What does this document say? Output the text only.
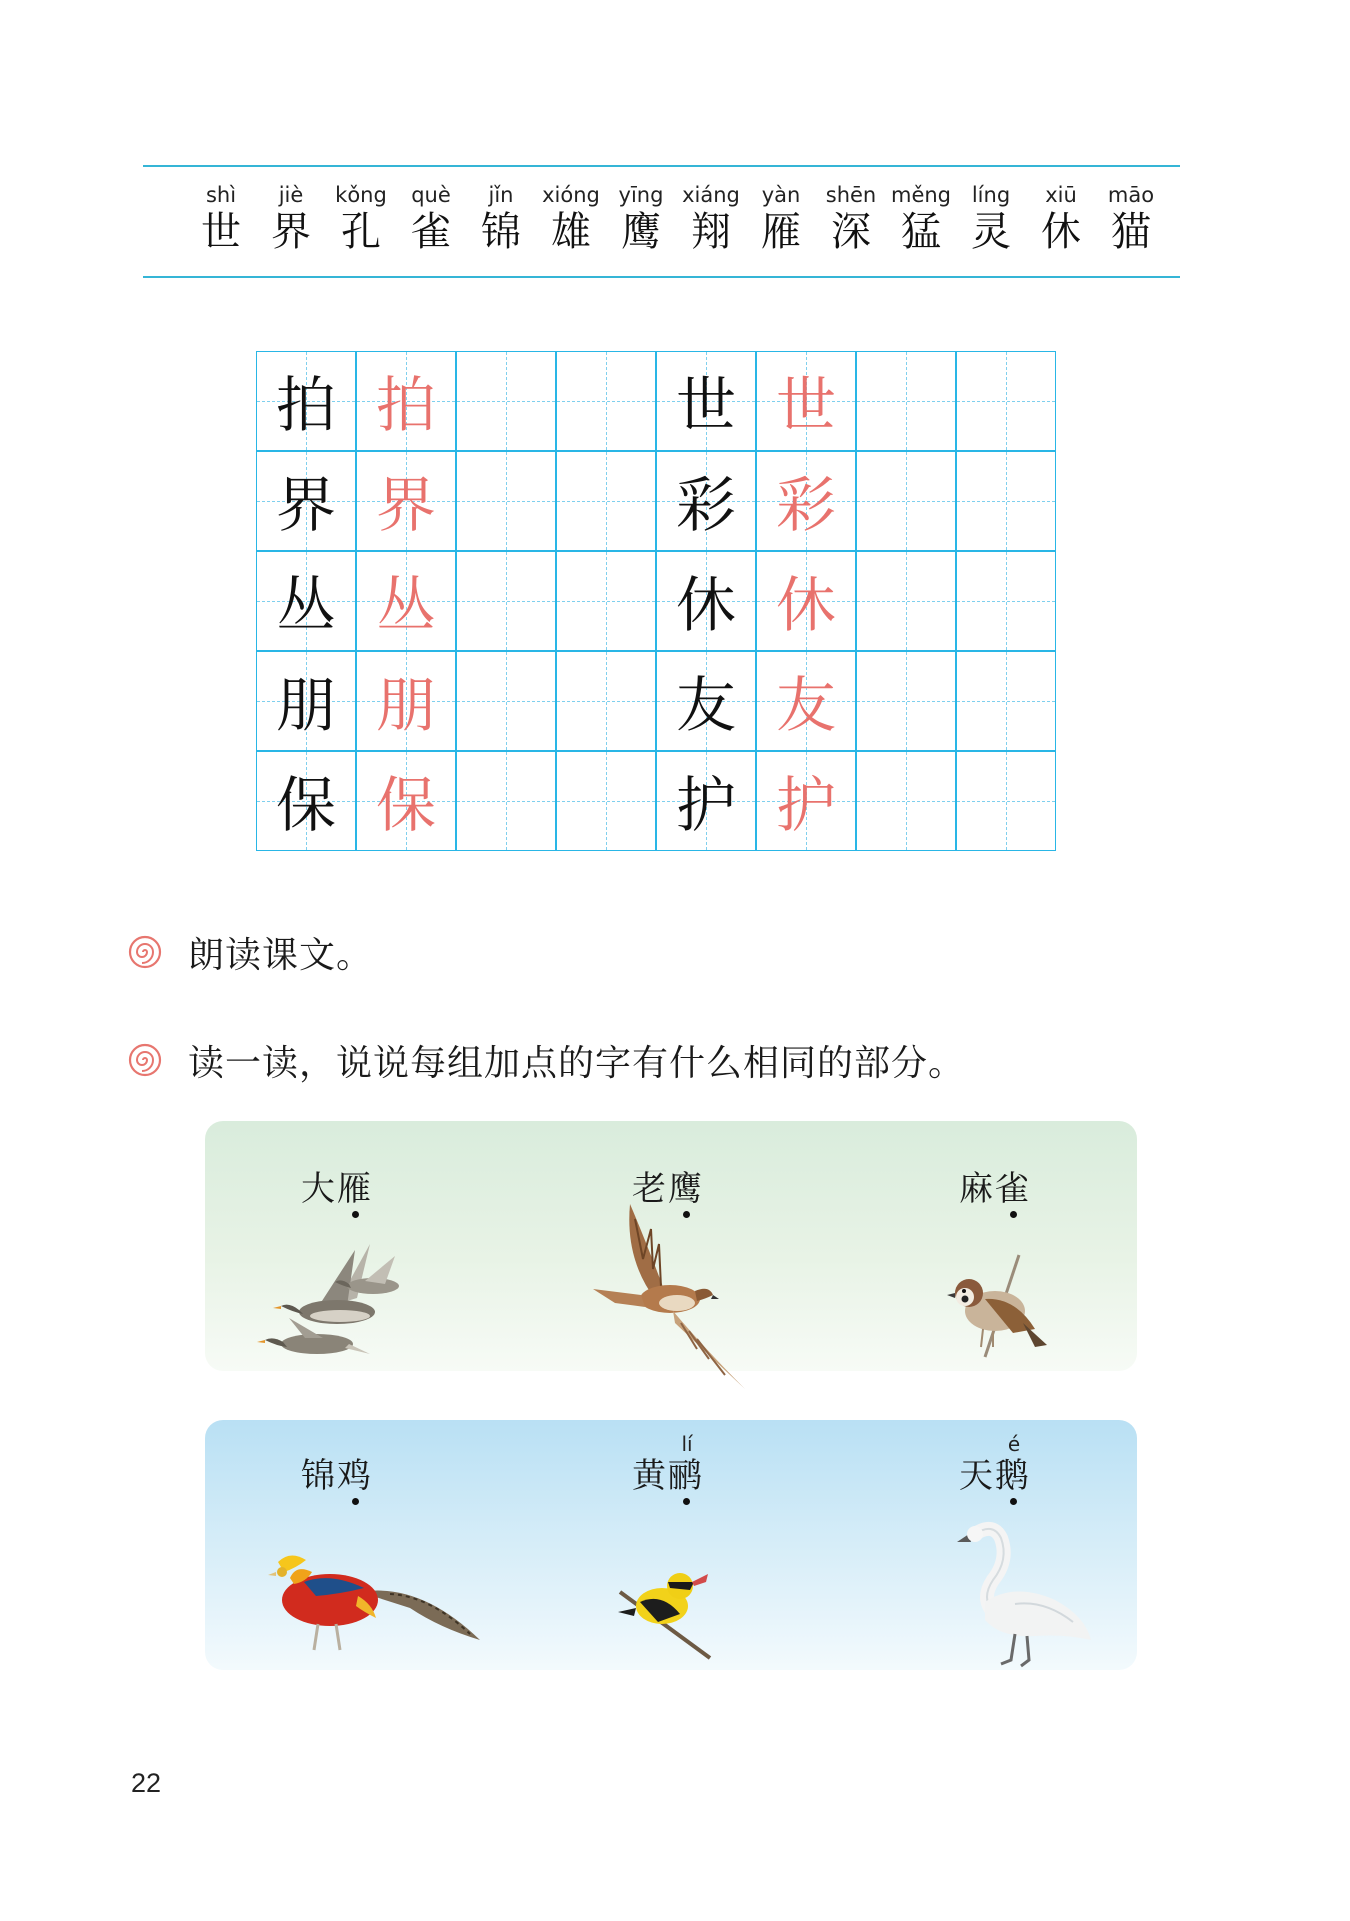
shì
世
jiè
界
kǒng
孔
què
雀
jǐn
锦
xióng
雄
yīng
鹰
xiáng
翔
yàn
雁
shēn
深
měng
猛
líng
灵
xiū
休
māo
猫
拍 拍	世 世
界 界	彩 彩
丛 丛	休 休
朋 朋	友 友
保 保	护 护
朗读课文。
读一读，说说每组加点的字有什么相同的部分。
大雁	老鹰	麻雀
锦鸡
lí
黄鹂
é
天鹅
22
